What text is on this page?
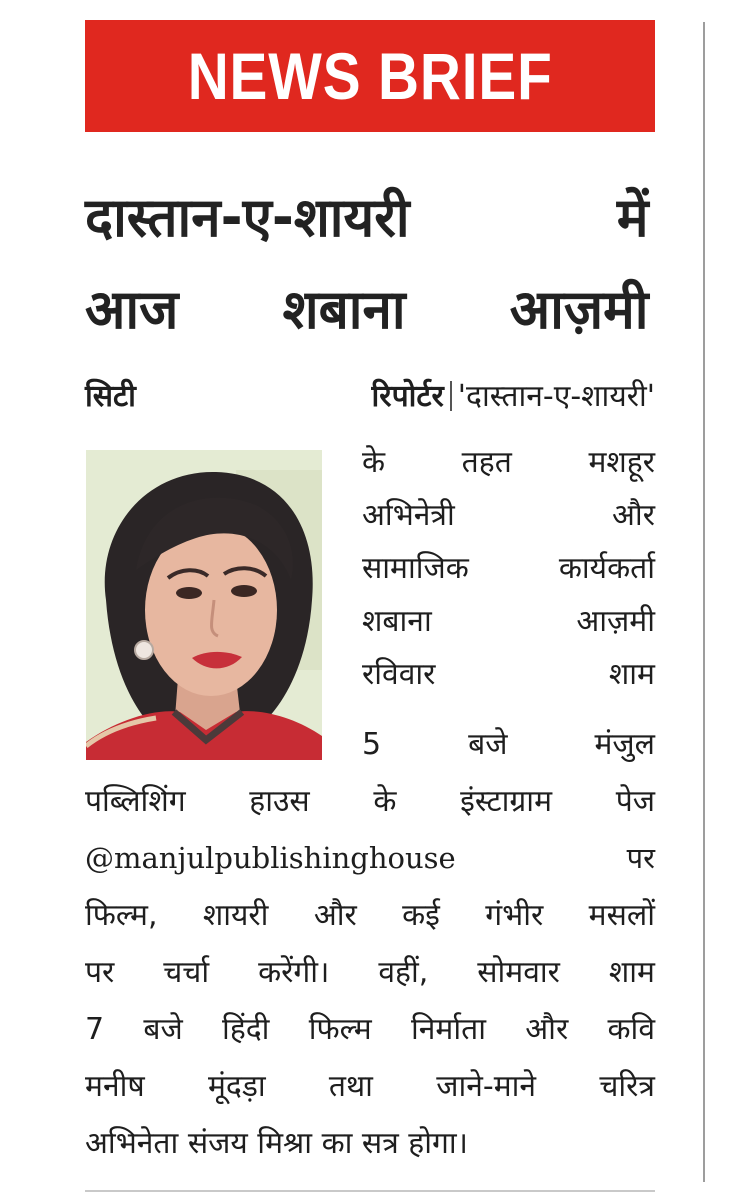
NEWS BRIEF
दास्तान-ए-शायरी में
आज शबाना आज़मी
सिटी रिपोर्टर 'दास्तान-ए-शायरी'
के तहत मशहूर
अभिनेत्री और
सामाजिक कार्यकर्ता
शबाना आज़मी
रविवार शाम
5 बजे मंजुल
पब्लिशिंग हाउस के इंस्टाग्राम पेज
@manjulpublishinghouse पर
फिल्म, शायरी और कई गंभीर मसलों
पर चर्चा करेंगी। वहीं, सोमवार शाम
7 बजे हिंदी फिल्म निर्माता और कवि
मनीष मूंदड़ा तथा जाने-माने चरित्र
अभिनेता संजय मिश्रा का सत्र होगा।
